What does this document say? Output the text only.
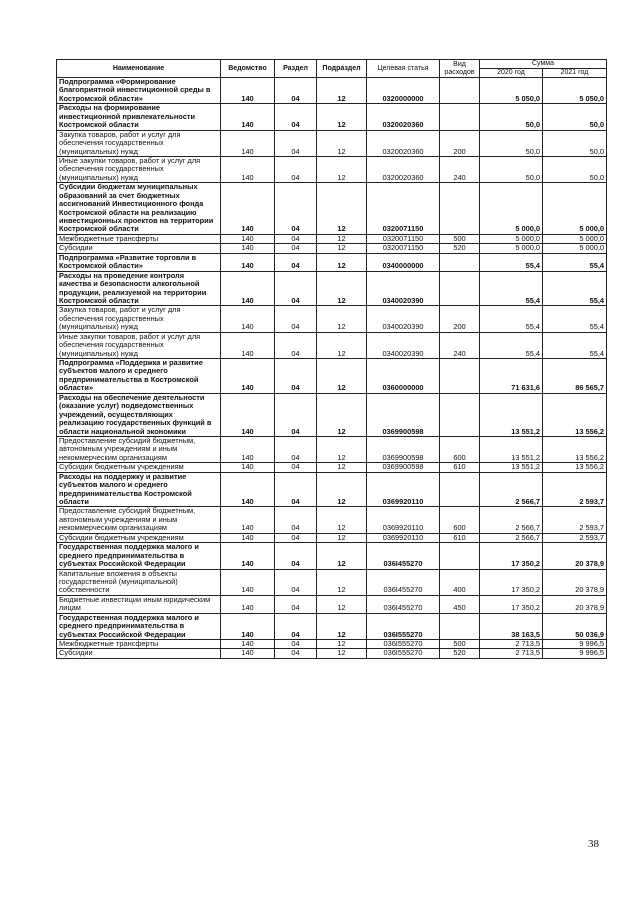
Наименование	Ведомство	Раздел	Подраздел	Целевая статья	Вид расходов	Сумма	
						2020 год	2021 год
Подпрограмма «Формирование благоприятной инвестиционной среды в Костромской области»	140	04	12	0320000000		5 050,0	5 050,0
Расходы на формирование инвестиционной привлекательности Костромской области	140	04	12	0320020360		50,0	50,0
Закупка товаров, работ и услуг для обеспечения государственных (муниципальных) нужд	140	04	12	0320020360	200	50,0	50,0
Иные закупки товаров, работ и услуг для обеспечения государственных (муниципальных) нужд	140	04	12	0320020360	240	50,0	50,0
Субсидии бюджетам муниципальных образований за счет бюджетных ассигнований Инвестиционного фонда Костромской области на реализацию инвестиционных проектов на территории Костромской области	140	04	12	0320071150		5 000,0	5 000,0
Межбюджетные трансферты	140	04	12	0320071150	500	5 000,0	5 000,0
Субсидии	140	04	12	0320071150	520	5 000,0	5 000,0
Подпрограмма «Развитие торговли в Костромской области»	140	04	12	0340000000		55,4	55,4
Расходы на проведение контроля качества и безопасности алкогольной продукции, реализуемой на территории Костромской области	140	04	12	0340020390		55,4	55,4
Закупка товаров, работ и услуг для обеспечения государственных (муниципальных) нужд	140	04	12	0340020390	200	55,4	55,4
Иные закупки товаров, работ и услуг для обеспечения государственных (муниципальных) нужд	140	04	12	0340020390	240	55,4	55,4
Подпрограмма «Поддержка и развитие субъектов малого и среднего предпринимательства в Костромской области»	140	04	12	0360000000		71 631,6	86 565,7
Расходы на обеспечение деятельности (оказание услуг) подведомственных учреждений, осуществляющих реализацию государственных функций в области национальной экономики	140	04	12	0369900598		13 551,2	13 556,2
Предоставление субсидий бюджетным, автономным учреждениям и иным некоммерческим организациям	140	04	12	0369900598	600	13 551,2	13 556,2
Субсидии бюджетным учреждениям	140	04	12	0369900598	610	13 551,2	13 556,2
Расходы на поддержку и развитие субъектов малого и среднего предпринимательства Костромской области	140	04	12	0369920110		2 566,7	2 593,7
Предоставление субсидий бюджетным, автономным учреждениям и иным некоммерческим организациям	140	04	12	0369920110	600	2 566,7	2 593,7
Субсидии бюджетным учреждениям	140	04	12	0369920110	610	2 566,7	2 593,7
Государственная поддержка малого и среднего предпринимательства в субъектах Российской Федерации	140	04	12	036I455270		17 350,2	20 378,9
Капитальные вложения в объекты государственной (муниципальной) собственности	140	04	12	036I455270	400	17 350,2	20 378,9
Бюджетные инвестиции иным юридическим лицам	140	04	12	036I455270	450	17 350,2	20 378,9
Государственная поддержка малого и среднего предпринимательства в субъектах Российской Федерации	140	04	12	036I555270		38 163,5	50 036,9
Межбюджетные трансферты	140	04	12	036I555270	500	2 713,5	9 996,5
Субсидии	140	04	12	036I555270	520	2 713,5	9 996,5
38
